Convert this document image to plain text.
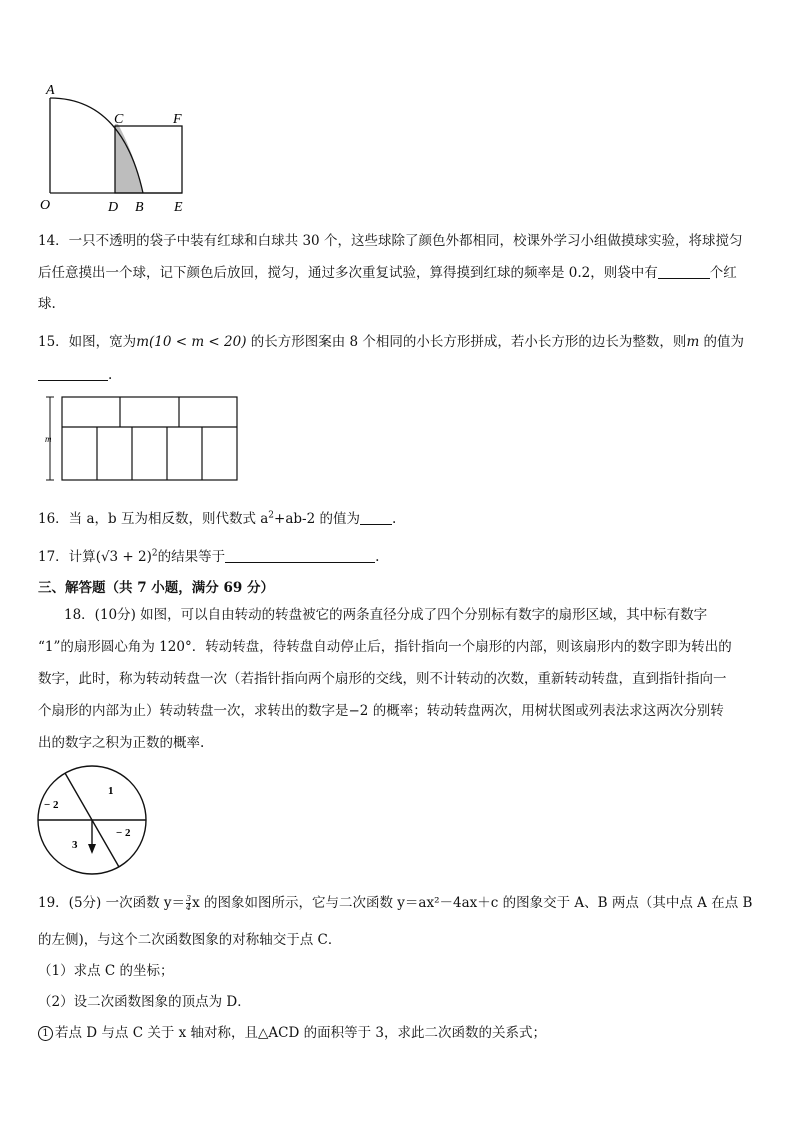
A
C	F
O	D B E
14．一只不透明的袋子中装有红球和白球共 30 个，这些球除了颜色外都相同，校课外学习小组做摸球实验，将球搅匀
后任意摸出一个球，记下颜色后放回，搅匀，通过多次重复试验，算得摸到红球的频率是 0.2，则袋中有	个红
球.
15．如图，宽为m(10 < m < 20) 的长方形图案由 8 个相同的小长方形拼成，若小长方形的边长为整数，则m 的值为
.
m
16．当 a，b 互为相反数，则代数式 $a^2+ab-2$ 的值为 .
17．计算$(√3 + 2)^2$的结果等于	.
三、解答题（共 7 小题，满分 69 分）
18．(10分) 如图，可以自由转动的转盘被它的两条直径分成了四个分别标有数字的扇形区域，其中标有数字
“1”的扇形圆心角为 120°．转动转盘，待转盘自动停止后，指针指向一个扇形的内部，则该扇形内的数字即为转出的
数字，此时，称为转动转盘一次（若指针指向两个扇形的交线，则不计转动的次数，重新转动转盘，直到指针指向一
个扇形的内部为止）转动转盘一次，求转出的数字是−2 的概率；转动转盘两次，用树状图或列表法求这两次分别转
出的数字之积为正数的概率.
1
− 2
3
− 2
19．(5分) 一次函数 $y= \frac{3}{4}$ x 的图象如图所示，它与二次函数 y＝ax²－4ax＋c 的图象交于 A、B 两点（其中点 A 在点 B
的左侧)，与这个二次函数图象的对称轴交于点 C．
（1）求点 C 的坐标；
（2）设二次函数图象的顶点为 D．
1 若点 D 与点 C 关于 x 轴对称，且△ACD 的面积等于 3，求此二次函数的关系式；
